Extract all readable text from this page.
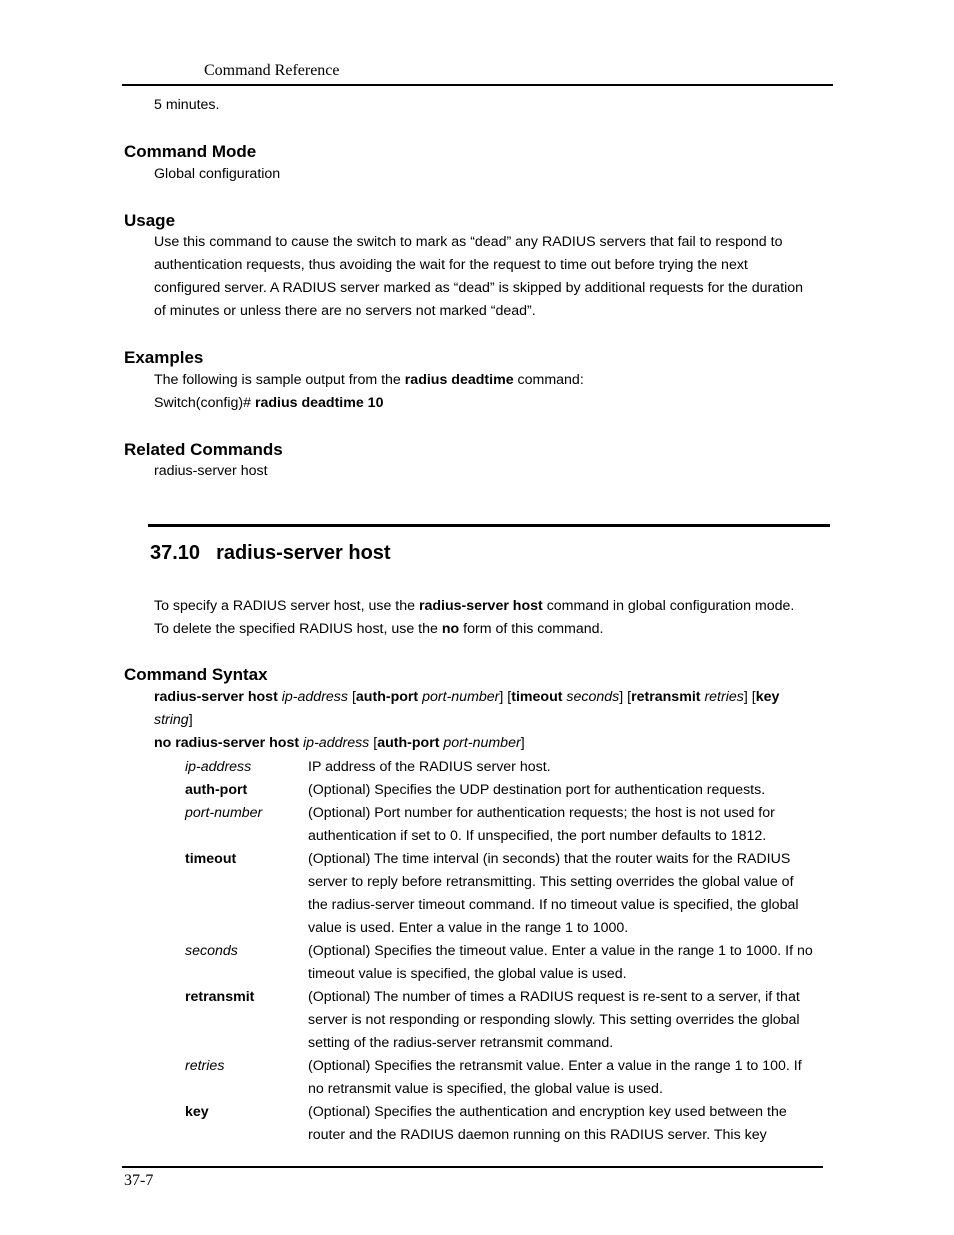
Command Reference
5 minutes.
Command Mode
Global configuration
Usage
Use this command to cause the switch to mark as “dead” any RADIUS servers that fail to respond to
authentication requests, thus avoiding the wait for the request to time out before trying the next
configured server. A RADIUS server marked as “dead” is skipped by additional requests for the duration
of minutes or unless there are no servers not marked “dead”.
Examples
The following is sample output from the radius deadtime command:
Switch(config)# radius deadtime 10
Related Commands
radius-server host
37.10 radius-server host
To specify a RADIUS server host, use the radius-server host command in global configuration mode.
To delete the specified RADIUS host, use the no form of this command.
Command Syntax
radius-server host ip-address [auth-port port-number] [timeout seconds] [retransmit retries] [key
string]
no radius-server host ip-address [auth-port port-number]
ip-address	IP address of the RADIUS server host.
auth-port	(Optional) Specifies the UDP destination port for authentication requests.
port-number	(Optional) Port number for authentication requests; the host is not used for
authentication if set to 0. If unspecified, the port number defaults to 1812.
timeout	(Optional) The time interval (in seconds) that the router waits for the RADIUS
server to reply before retransmitting. This setting overrides the global value of
the radius-server timeout command. If no timeout value is specified, the global
value is used. Enter a value in the range 1 to 1000.
seconds	(Optional) Specifies the timeout value. Enter a value in the range 1 to 1000. If no
timeout value is specified, the global value is used.
retransmit	(Optional) The number of times a RADIUS request is re-sent to a server, if that
server is not responding or responding slowly. This setting overrides the global
setting of the radius-server retransmit command.
retries	(Optional) Specifies the retransmit value. Enter a value in the range 1 to 100. If
no retransmit value is specified, the global value is used.
key	(Optional) Specifies the authentication and encryption key used between the
router and the RADIUS daemon running on this RADIUS server. This key
37-7
